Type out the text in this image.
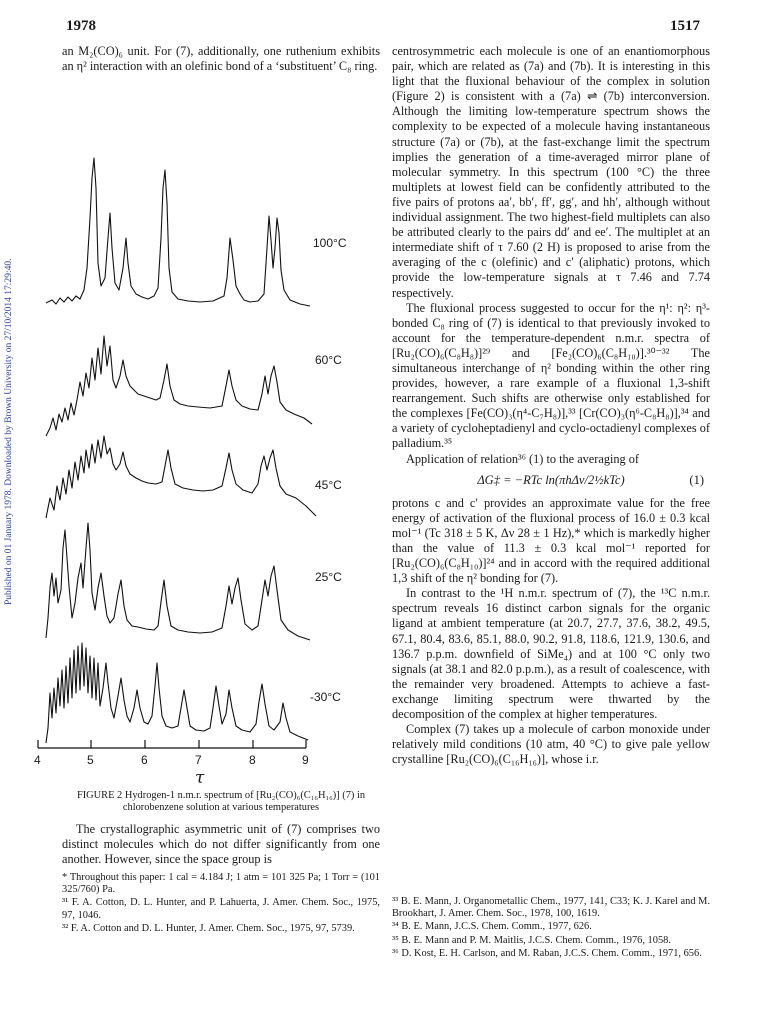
1978	1517
Published on 01 January 1978. Downloaded by Brown University on 27/10/2014 17:29:40.

an M₂(CO)₆ unit. For (7), additionally, one ruthenium exhibits an η² interaction with an olefinic bond of a ‘substituent’ C₈ ring.

100°C
60°C
45°C
25°C
-30°C
4	5	6	7	8	9
τ
FIGURE 2 Hydrogen-1 n.m.r. spectrum of [Ru₂(CO)₆(C₁₆H₁₆)] (7) in chlorobenzene solution at various temperatures

The crystallographic asymmetric unit of (7) comprises two distinct molecules which do not differ significantly from one another. However, since the space group is

* Throughout this paper: 1 cal = 4.184 J; 1 atm = 101 325 Pa; 1 Torr = (101 325/760) Pa.

³¹ F. A. Cotton, D. L. Hunter, and P. Lahuerta, J. Amer. Chem. Soc., 1975, 97, 1046.

³² F. A. Cotton and D. L. Hunter, J. Amer. Chem. Soc., 1975, 97, 5739.

centrosymmetric each molecule is one of an enantiomorphous pair, which are related as (7a) and (7b). It is interesting in this light that the fluxional behaviour of the complex in solution (Figure 2) is consistent with a (7a) ⇌ (7b) interconversion. Although the limiting low-temperature spectrum shows the complexity to be expected of a molecule having instantaneous structure (7a) or (7b), at the fast-exchange limit the spectrum implies the generation of a time-averaged mirror plane of molecular symmetry. In this spectrum (100 °C) the three multiplets at lowest field can be confidently attributed to the five pairs of protons aa′, bb′, ff′, gg′, and hh′, although without individual assignment. The two highest-field multiplets can also be attributed clearly to the pairs dd′ and ee′. The multiplet at an intermediate shift of τ 7.60 (2 H) is proposed to arise from the averaging of the c (olefinic) and c′ (aliphatic) protons, which provide the low-temperature signals at τ 7.46 and 7.74 respectively.

The fluxional process suggested to occur for the η¹: η²: η³-bonded C₈ ring of (7) is identical to that previously invoked to account for the temperature-dependent n.m.r. spectra of [Ru₂(CO)₆(C₈H₈)]²⁹ and [Fe₂(CO)₆(C₈H₁₀)].³⁰⁻³² The simultaneous interchange of η² bonding within the other ring provides, however, a rare example of a fluxional 1,3-shift rearrangement. Such shifts are otherwise only established for the complexes [Fe(CO)₃(η⁴-C₇H₈)],³³ [Cr(CO)₃(η⁶-C₈H₈)],³⁴ and a variety of cycloheptadienyl and cyclo-octadienyl complexes of palladium.³⁵

Application of relation³⁶ (1) to the averaging of

ΔG‡ = −RTc ln(πhΔν/2½kTc)	(1)

protons c and c′ provides an approximate value for the free energy of activation of the fluxional process of 16.0 ± 0.3 kcal mol⁻¹ (Tc 318 ± 5 K, Δν 28 ± 1 Hz),* which is markedly higher than the value of 11.3 ± 0.3 kcal mol⁻¹ reported for [Ru₂(CO)₆(C₈H₁₀)]²⁴ and in accord with the required additional 1,3 shift of the η² bonding for (7).

In contrast to the ¹H n.m.r. spectrum of (7), the ¹³C n.m.r. spectrum reveals 16 distinct carbon signals for the organic ligand at ambient temperature (at 20.7, 27.7, 37.6, 38.2, 49.5, 67.1, 80.4, 83.6, 85.1, 88.0, 90.2, 91.8, 118.6, 121.9, 130.6, and 136.7 p.p.m. downfield of SiMe₄) and at 100 °C only two signals (at 38.1 and 82.0 p.p.m.), as a result of coalescence, with the remainder very broadened. Attempts to achieve a fast-exchange limiting spectrum were thwarted by the decomposition of the complex at higher temperatures.

Complex (7) takes up a molecule of carbon monoxide under relatively mild conditions (10 atm, 40 °C) to give pale yellow crystalline [Ru₂(CO)₆(C₁₆H₁₆)], whose i.r.

³³ B. E. Mann, J. Organometallic Chem., 1977, 141, C33; K. J. Karel and M. Brookhart, J. Amer. Chem. Soc., 1978, 100, 1619.

³⁴ B. E. Mann, J.C.S. Chem. Comm., 1977, 626.

³⁵ B. E. Mann and P. M. Maitlis, J.C.S. Chem. Comm., 1976, 1058.

³⁶ D. Kost, E. H. Carlson, and M. Raban, J.C.S. Chem. Comm., 1971, 656.
